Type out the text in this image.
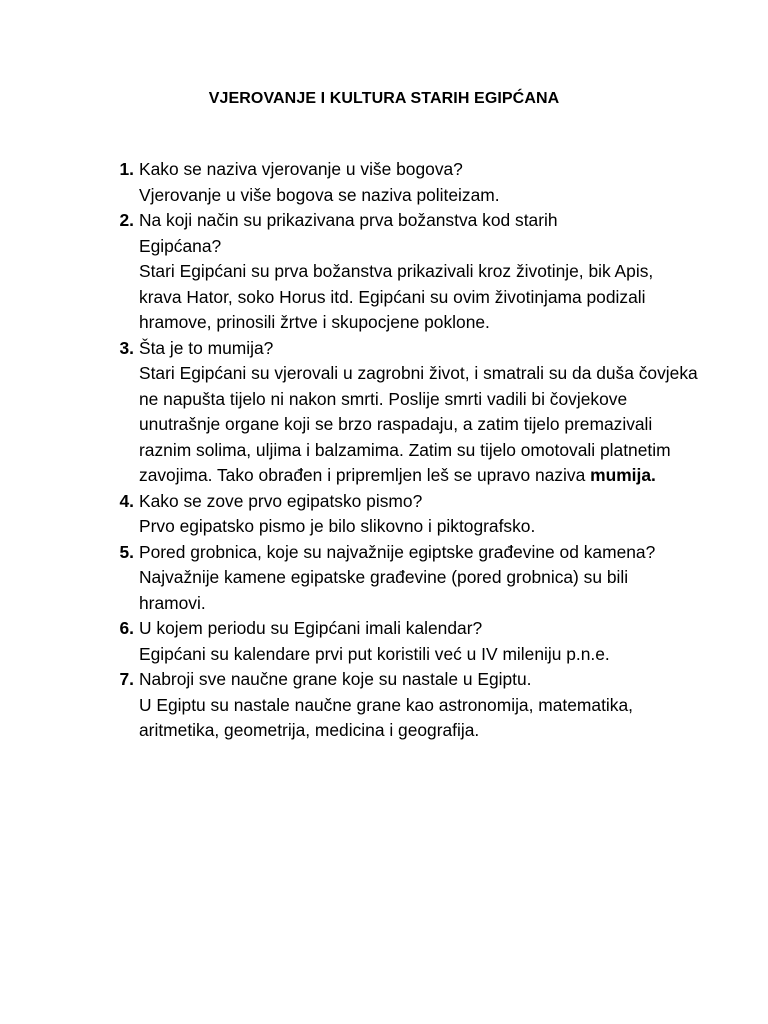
VJEROVANJE I KULTURA STARIH EGIPĆANA
1. Kako se naziva vjerovanje u više bogova?
Vjerovanje u više bogova se naziva politeizam.
2. Na koji način su prikazivana prva božanstva kod starih Egipćana?
Stari Egipćani su prva božanstva prikazivali kroz životinje, bik Apis, krava Hator, soko Horus itd. Egipćani su ovim životinjama podizali hramove, prinosili žrtve i skupocjene poklone.
3. Šta je to mumija?
Stari Egipćani su vjerovali u zagrobni život, i smatrali su da duša čovjeka ne napušta tijelo ni nakon smrti. Poslije smrti vadili bi čovjekove unutrašnje organe koji se brzo raspadaju, a zatim tijelo premazivali raznim solima, uljima i balzamima. Zatim su tijelo omotovali platnetim zavojima. Tako obrađen i pripremljen leš se upravo naziva mumija.
4. Kako se zove prvo egipatsko pismo?
Prvo egipatsko pismo je bilo slikovno i piktografsko.
5. Pored grobnica, koje su najvažnije egiptske građevine od kamena? Najvažnije kamene egipatske građevine (pored grobnica) su bili hramovi.
6. U kojem periodu su Egipćani imali kalendar?
Egipćani su kalendare prvi put koristili već u IV mileniju p.n.e.
7. Nabroji sve naučne grane koje su nastale u Egiptu.
U Egiptu su nastale naučne grane kao astronomija, matematika, aritmetika, geometrija, medicina i geografija.
